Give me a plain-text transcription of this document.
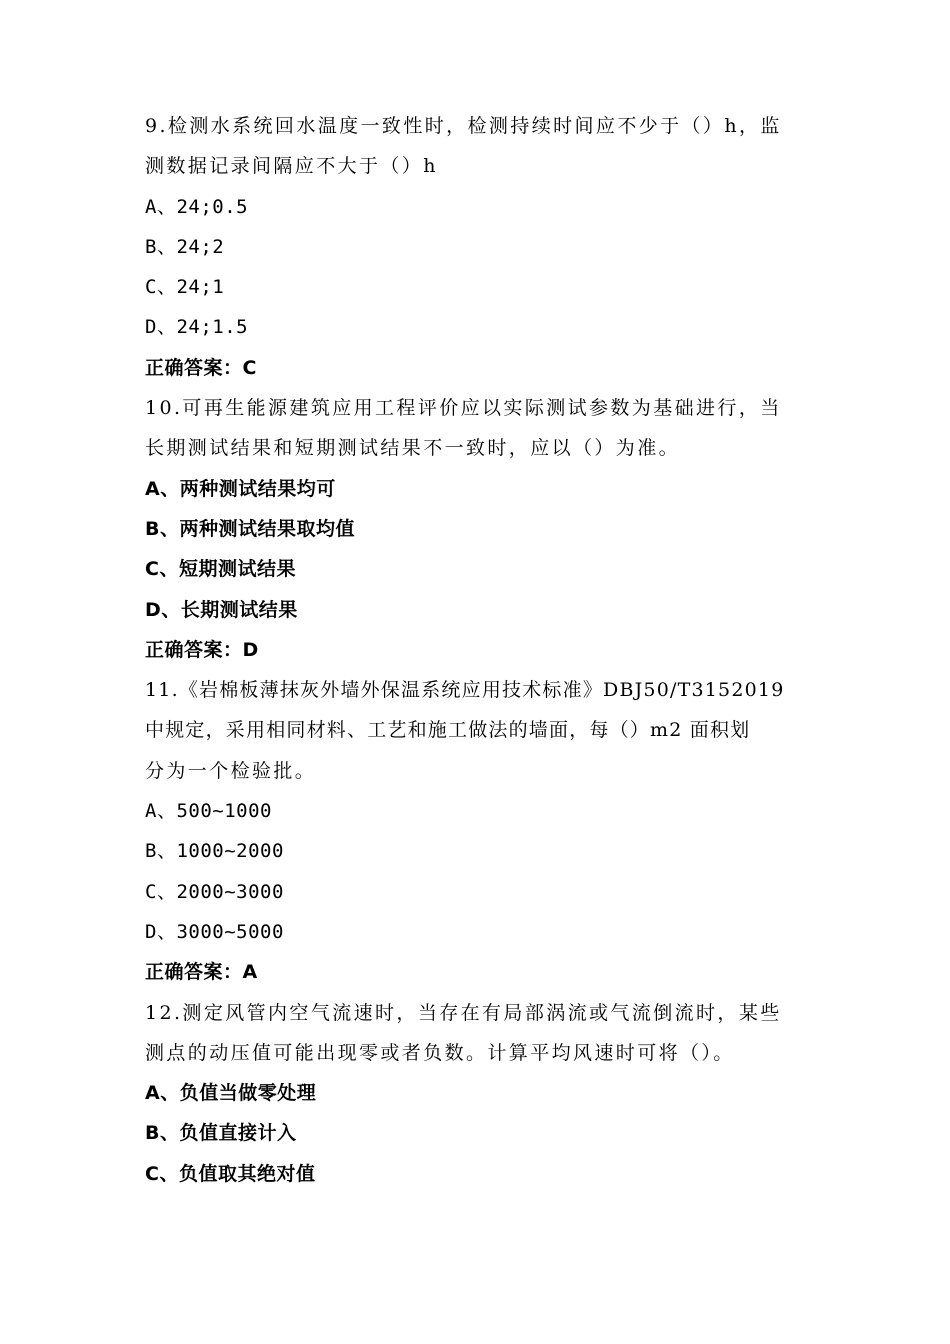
9.检测水系统回水温度一致性时，检测持续时间应不少于（）h，监
测数据记录间隔应不大于（）h
A、24;0.5
B、24;2
C、24;1
D、24;1.5
正确答案：C
10.可再生能源建筑应用工程评价应以实际测试参数为基础进行，当
长期测试结果和短期测试结果不一致时，应以（）为准。
A、两种测试结果均可
B、两种测试结果取均值
C、短期测试结果
D、长期测试结果
正确答案：D
11.《岩棉板薄抹灰外墙外保温系统应用技术标准》DBJ50/T3152019
中规定，采用相同材料、工艺和施工做法的墙面，每（）m2 面积划
分为一个检验批。
A、500~1000
B、1000~2000
C、2000~3000
D、3000~5000
正确答案：A
12.测定风管内空气流速时，当存在有局部涡流或气流倒流时，某些
测点的动压值可能出现零或者负数。计算平均风速时可将（）。
A、负值当做零处理
B、负值直接计入
C、负值取其绝对值
